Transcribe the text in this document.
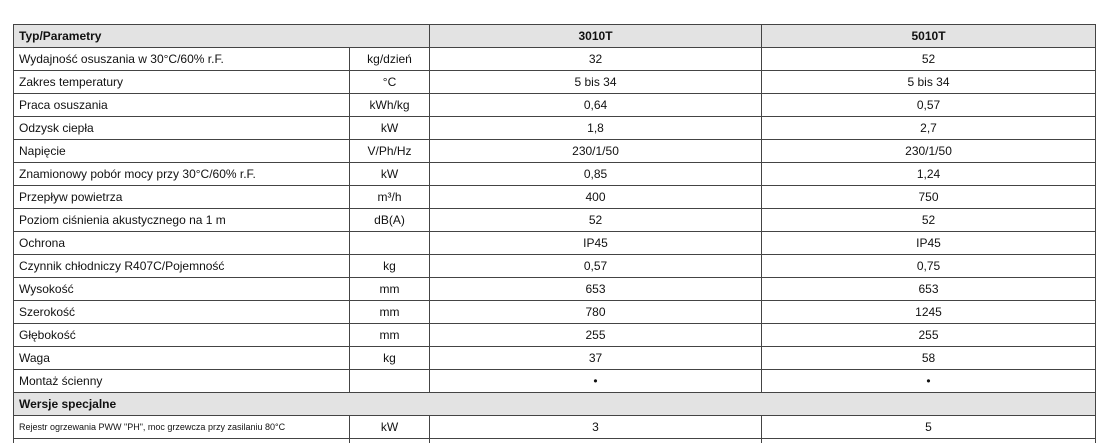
Typ/Parametry		3010T	5010T
Wydajność osuszania w 30°C/60% r.F.	kg/dzień	32	52
Zakres temperatury	°C	5 bis 34	5 bis 34
Praca osuszania	kWh/kg	0,64	0,57
Odzysk ciepła	kW	1,8	2,7
Napięcie	V/Ph/Hz	230/1/50	230/1/50
Znamionowy pobór mocy przy 30°C/60% r.F.	kW	0,85	1,24
Przepływ powietrza	m³/h	400	750
Poziom ciśnienia akustycznego na 1 m	dB(A)	52	52
Ochrona		IP45	IP45
Czynnik chłodniczy R407C/Pojemność	kg	0,57	0,75
Wysokość	mm	653	653
Szerokość	mm	780	1245
Głębokość	mm	255	255
Waga	kg	37	58
Montaż ścienny		•	•
Wersje specjalne			
Rejestr ogrzewania PWW "PH", moc grzewcza przy zasilaniu 80°C	kW	3	5
